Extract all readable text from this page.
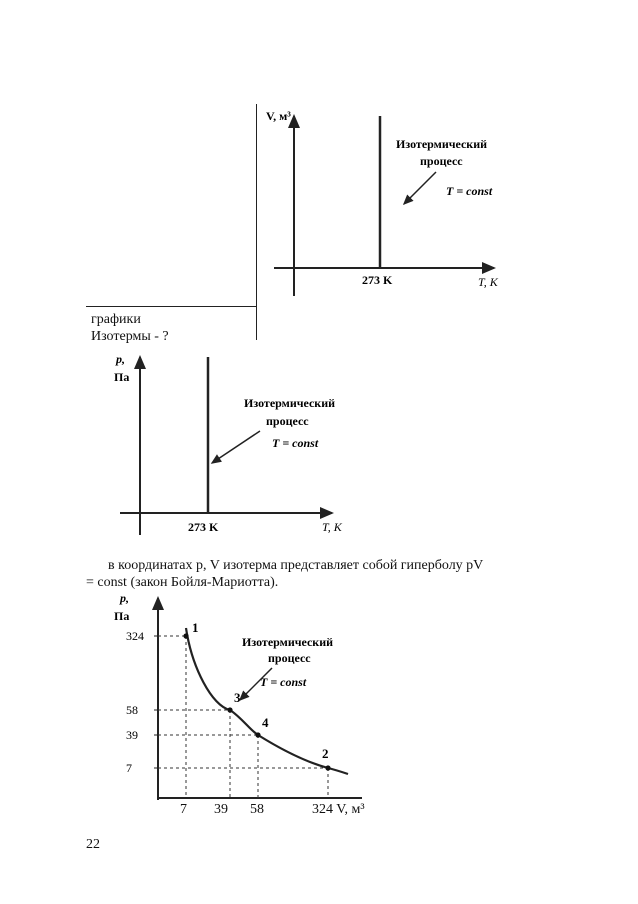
графики
Изотермы - ?
V, м³
T, K
273 K
Изотермический
процесс
T = const
p,
Па
T, K
273 K
Изотермический
процесс
T = const
в координатах p, V изотерма представляет собой гиперболу pV
= const (закон Бойля-Мариотта).
p,
Па
324
58
39
7
1
3
4
2
Изотермический
процесс
T = const
7 39 58	324 V, м³
22
